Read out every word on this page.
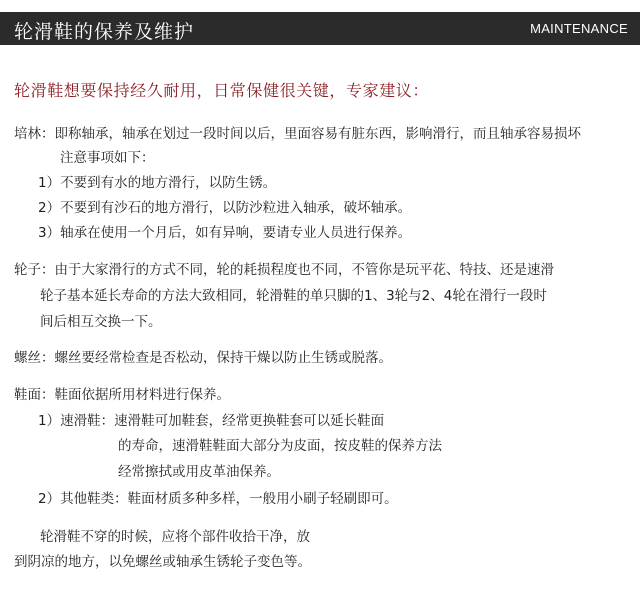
轮滑鞋的保养及维护	MAINTENANCE
轮滑鞋想要保持经久耐用，日常保健很关键，专家建议：
培林：即称轴承，轴承在划过一段时间以后，里面容易有脏东西，影响滑行，而且轴承容易损坏
注意事项如下：
1）不要到有水的地方滑行，以防生锈。
2）不要到有沙石的地方滑行，以防沙粒进入轴承，破坏轴承。
3）轴承在使用一个月后，如有异响，要请专业人员进行保养。
轮子：由于大家滑行的方式不同，轮的耗损程度也不同，不管你是玩平花、特技、还是速滑
轮子基本延长寿命的方法大致相同，轮滑鞋的单只脚的1、3轮与2、4轮在滑行一段时
间后相互交换一下。
螺丝：螺丝要经常检查是否松动，保持干燥以防止生锈或脱落。
鞋面：鞋面依据所用材料进行保养。
1）速滑鞋：速滑鞋可加鞋套，经常更换鞋套可以延长鞋面
的寿命，速滑鞋鞋面大部分为皮面，按皮鞋的保养方法
经常擦拭或用皮革油保养。
2）其他鞋类：鞋面材质多种多样，一般用小刷子轻刷即可。
轮滑鞋不穿的时候，应将个部件收拾干净，放
到阴凉的地方，以免螺丝或轴承生锈轮子变色等。
